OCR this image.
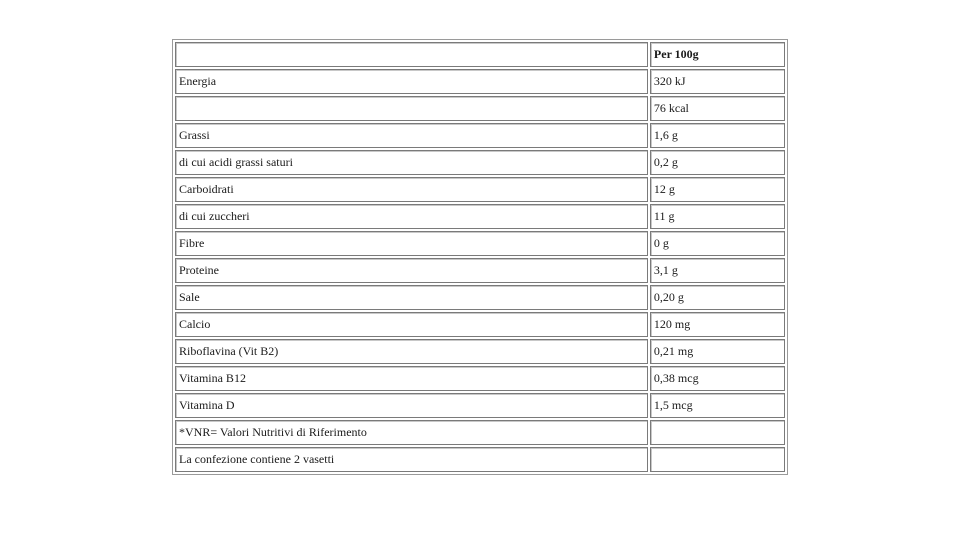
	Per 100g
Energia	320 kJ
	76 kcal
Grassi	1,6 g
di cui acidi grassi saturi	0,2 g
Carboidrati	12 g
di cui zuccheri	11 g
Fibre	0 g
Proteine	3,1 g
Sale	0,20 g
Calcio	120 mg
Riboflavina (Vit B2)	0,21 mg
Vitamina B12	0,38 mcg
Vitamina D	1,5 mcg
*VNR= Valori Nutritivi di Riferimento	
La confezione contiene 2 vasetti	
